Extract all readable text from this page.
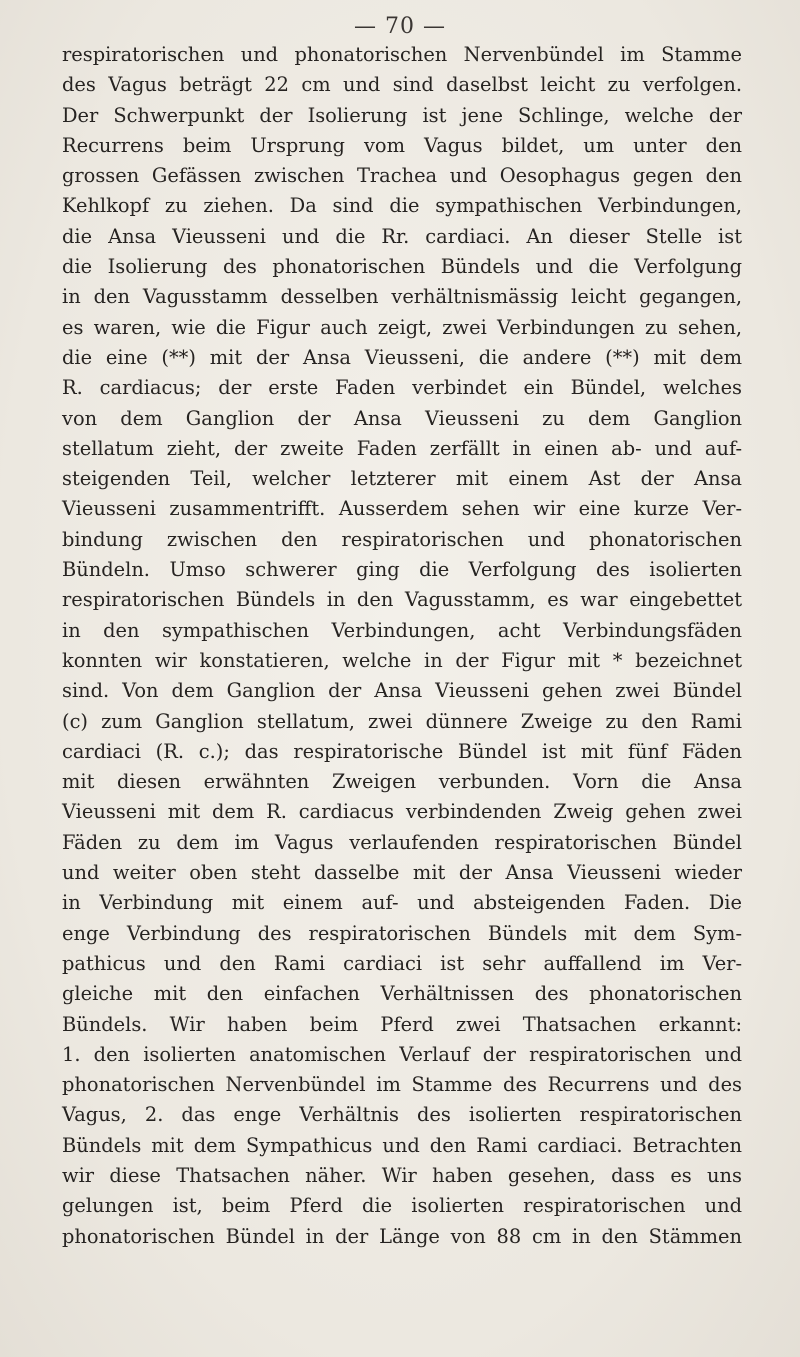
— 70 —
respiratorischen und phonatorischen Nervenbündel im Stamme
des Vagus beträgt 22 cm und sind daselbst leicht zu verfolgen.
Der Schwerpunkt der Isolierung ist jene Schlinge, welche der
Recurrens beim Ursprung vom Vagus bildet, um unter den
grossen Gefässen zwischen Trachea und Oesophagus gegen den
Kehlkopf zu ziehen. Da sind die sympathischen Verbindungen,
die Ansa Vieusseni und die Rr. cardiaci. An dieser Stelle ist
die Isolierung des phonatorischen Bündels und die Verfolgung
in den Vagusstamm desselben verhältnismässig leicht gegangen,
es waren, wie die Figur auch zeigt, zwei Verbindungen zu sehen,
die eine (**) mit der Ansa Vieusseni, die andere (**) mit dem
R. cardiacus; der erste Faden verbindet ein Bündel, welches
von dem Ganglion der Ansa Vieusseni zu dem Ganglion
stellatum zieht, der zweite Faden zerfällt in einen ab- und auf-
steigenden Teil, welcher letzterer mit einem Ast der Ansa
Vieusseni zusammentrifft. Ausserdem sehen wir eine kurze Ver-
bindung zwischen den respiratorischen und phonatorischen
Bündeln. Umso schwerer ging die Verfolgung des isolierten
respiratorischen Bündels in den Vagusstamm, es war eingebettet
in den sympathischen Verbindungen, acht Verbindungsfäden
konnten wir konstatieren, welche in der Figur mit * bezeichnet
sind. Von dem Ganglion der Ansa Vieusseni gehen zwei Bündel
(c) zum Ganglion stellatum, zwei dünnere Zweige zu den Rami
cardiaci (R. c.); das respiratorische Bündel ist mit fünf Fäden
mit diesen erwähnten Zweigen verbunden. Vorn die Ansa
Vieusseni mit dem R. cardiacus verbindenden Zweig gehen zwei
Fäden zu dem im Vagus verlaufenden respiratorischen Bündel
und weiter oben steht dasselbe mit der Ansa Vieusseni wieder
in Verbindung mit einem auf- und absteigenden Faden. Die
enge Verbindung des respiratorischen Bündels mit dem Sym-
pathicus und den Rami cardiaci ist sehr auffallend im Ver-
gleiche mit den einfachen Verhältnissen des phonatorischen
Bündels. Wir haben beim Pferd zwei Thatsachen erkannt:
1. den isolierten anatomischen Verlauf der respiratorischen und
phonatorischen Nervenbündel im Stamme des Recurrens und des
Vagus, 2. das enge Verhältnis des isolierten respiratorischen
Bündels mit dem Sympathicus und den Rami cardiaci. Betrachten
wir diese Thatsachen näher. Wir haben gesehen, dass es uns
gelungen ist, beim Pferd die isolierten respiratorischen und
phonatorischen Bündel in der Länge von 88 cm in den Stämmen
